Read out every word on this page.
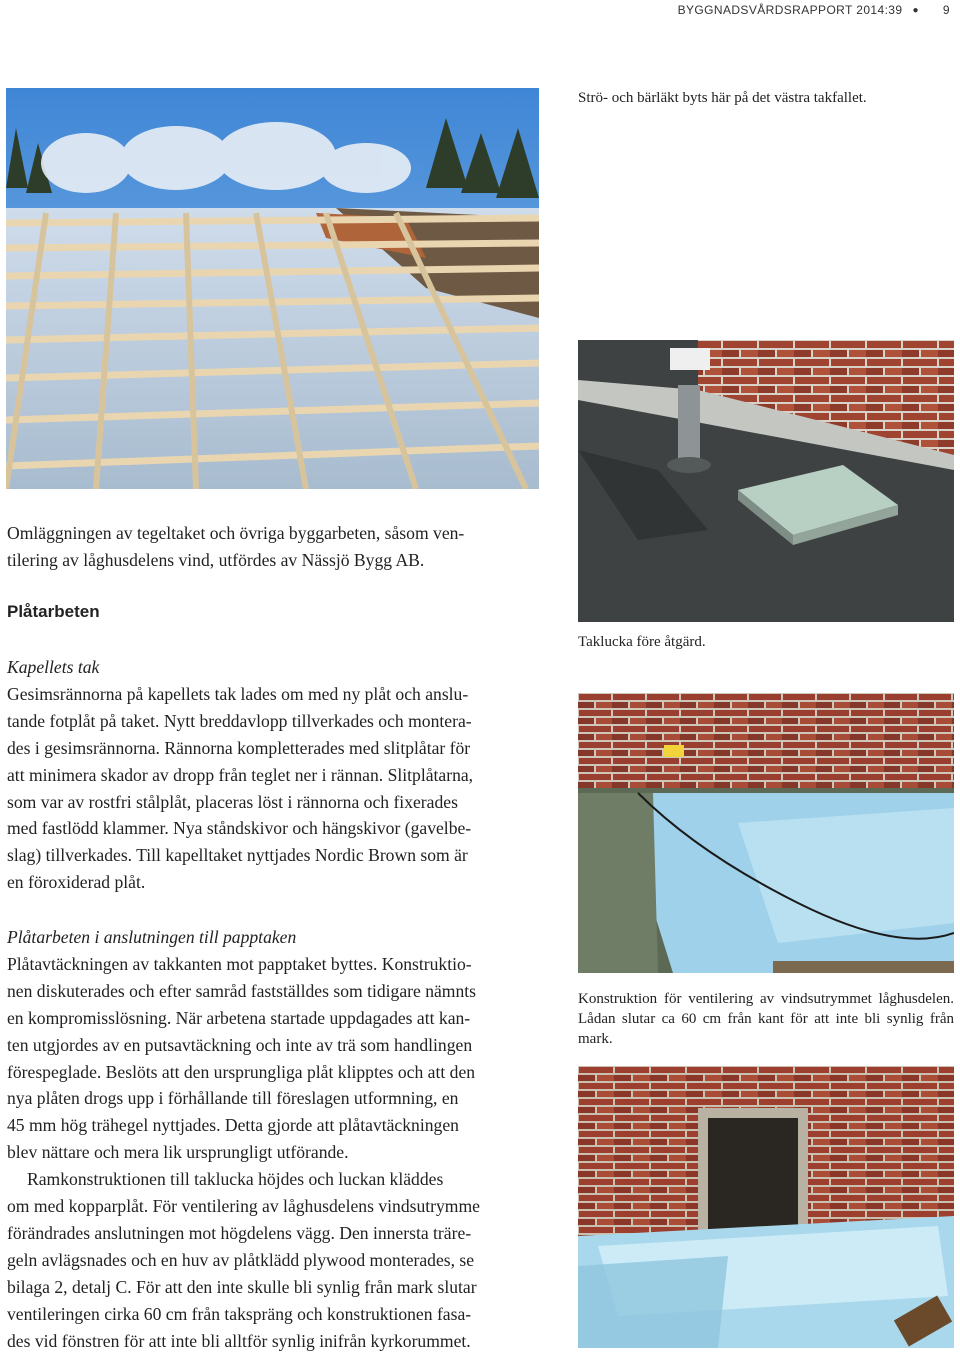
BYGGNADSVÅRDSRAPPORT 2014:39 ● 9
Strö- och bärläkt byts här på det västra takfallet.
Taklucka före åtgärd.
Konstruktion för ventilering av vindsutrymmet låghusdelen. Lådan slutar ca 60 cm från kant för att inte bli synlig från mark.

Omläggningen av tegeltaket och övriga byggarbeten, såsom ven-

tilering av låghusdelens vind, utfördes av Nässjö Bygg AB.

Plåtarbeten

Kapellets tak

Gesimsrännorna på kapellets tak lades om med ny plåt och anslu-

tande fotplåt på taket. Nytt breddavlopp tillverkades och montera-

des i gesimsrännorna. Rännorna kompletterades med slitplåtar för

att minimera skador av dropp från teglet ner i rännan. Slitplåtarna,

som var av rostfri stålplåt, placeras löst i rännorna och fixerades

med fastlödd klammer. Nya ståndskivor och hängskivor (gavelbe-

slag) tillverkades. Till kapelltaket nyttjades Nordic Brown som är

en föroxiderad plåt.

Plåtarbeten i anslutningen till papptaken

Plåtavtäckningen av takkanten mot papptaket byttes. Konstruktio-

nen diskuterades och efter samråd fastställdes som tidigare nämnts

en kompromisslösning. När arbetena startade uppdagades att kan-

ten utgjordes av en putsavtäckning och inte av trä som handlingen

förespeglade. Beslöts att den ursprungliga plåt klipptes och att den

nya plåten drogs upp i förhållande till föreslagen utformning, en

45 mm hög trähegel nyttjades. Detta gjorde att plåtavtäckningen

blev nättare och mera lik ursprungligt utförande.

Ramkonstruktionen till taklucka höjdes och luckan kläddes

om med kopparplåt. För ventilering av låghusdelens vindsutrymme

förändrades anslutningen mot högdelens vägg. Den innersta träre-

geln avlägsnades och en huv av plåtklädd plywood monterades, se

bilaga 2, detalj C. För att den inte skulle bli synlig från mark slutar

ventileringen cirka 60 cm från takspräng och konstruktionen fasa-

des vid fönstren för att inte bli alltför synlig inifrån kyrkorummet.
